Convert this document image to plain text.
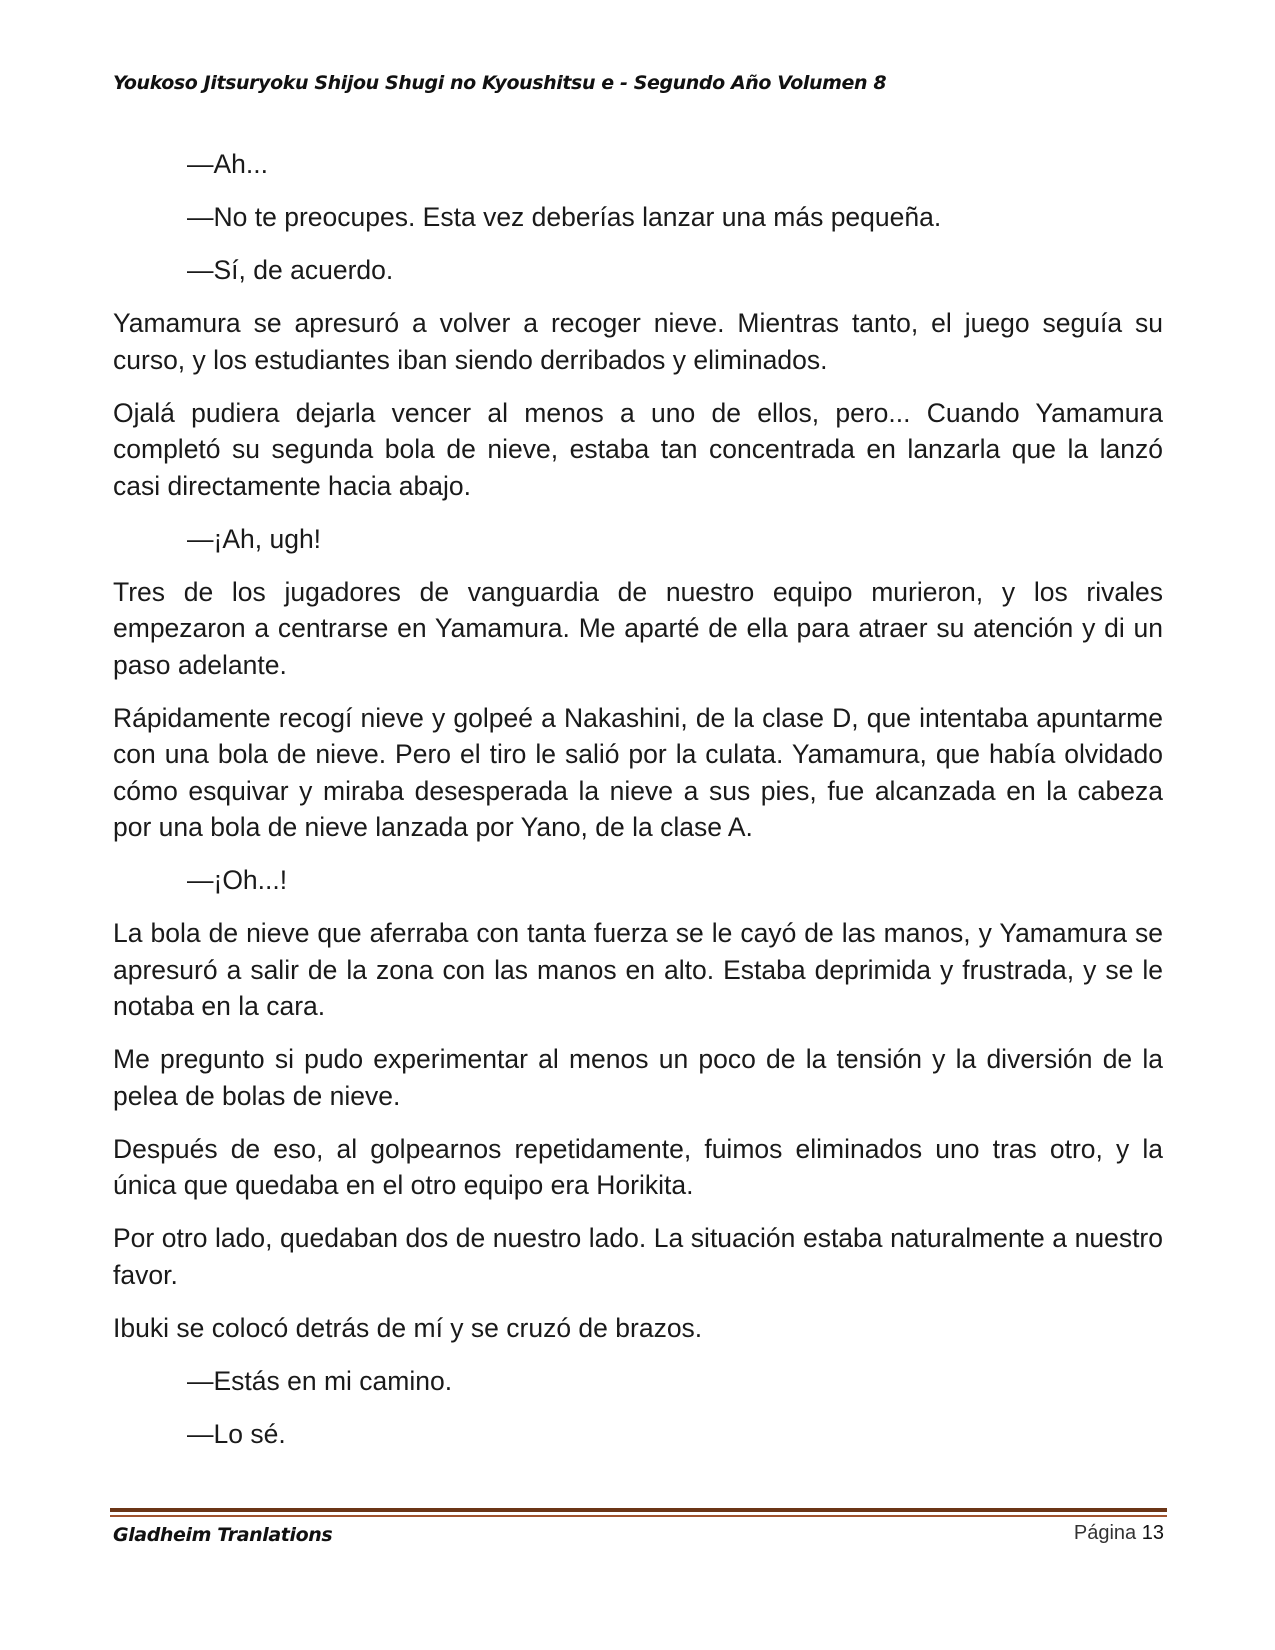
Youkoso Jitsuryoku Shijou Shugi no Kyoushitsu e - Segundo Año Volumen 8

—Ah...

—No te preocupes. Esta vez deberías lanzar una más pequeña.

—Sí, de acuerdo.

Yamamura se apresuró a volver a recoger nieve. Mientras tanto, el juego seguía su curso, y los estudiantes iban siendo derribados y eliminados.

Ojalá pudiera dejarla vencer al menos a uno de ellos, pero... Cuando Yamamura completó su segunda bola de nieve, estaba tan concentrada en lanzarla que la lanzó casi directamente hacia abajo.

—¡Ah, ugh!

Tres de los jugadores de vanguardia de nuestro equipo murieron, y los rivales empezaron a centrarse en Yamamura. Me aparté de ella para atraer su atención y di un paso adelante.

Rápidamente recogí nieve y golpeé a Nakashini, de la clase D, que intentaba apuntarme con una bola de nieve. Pero el tiro le salió por la culata. Yamamura, que había olvidado cómo esquivar y miraba desesperada la nieve a sus pies, fue alcanzada en la cabeza por una bola de nieve lanzada por Yano, de la clase A.

—¡Oh...!

La bola de nieve que aferraba con tanta fuerza se le cayó de las manos, y Yamamura se apresuró a salir de la zona con las manos en alto. Estaba deprimida y frustrada, y se le notaba en la cara.

Me pregunto si pudo experimentar al menos un poco de la tensión y la diversión de la pelea de bolas de nieve.

Después de eso, al golpearnos repetidamente, fuimos eliminados uno tras otro, y la única que quedaba en el otro equipo era Horikita.

Por otro lado, quedaban dos de nuestro lado. La situación estaba naturalmente a nuestro favor.

Ibuki se colocó detrás de mí y se cruzó de brazos.

—Estás en mi camino.

—Lo sé.

Gladheim Tranlations	Página 13
